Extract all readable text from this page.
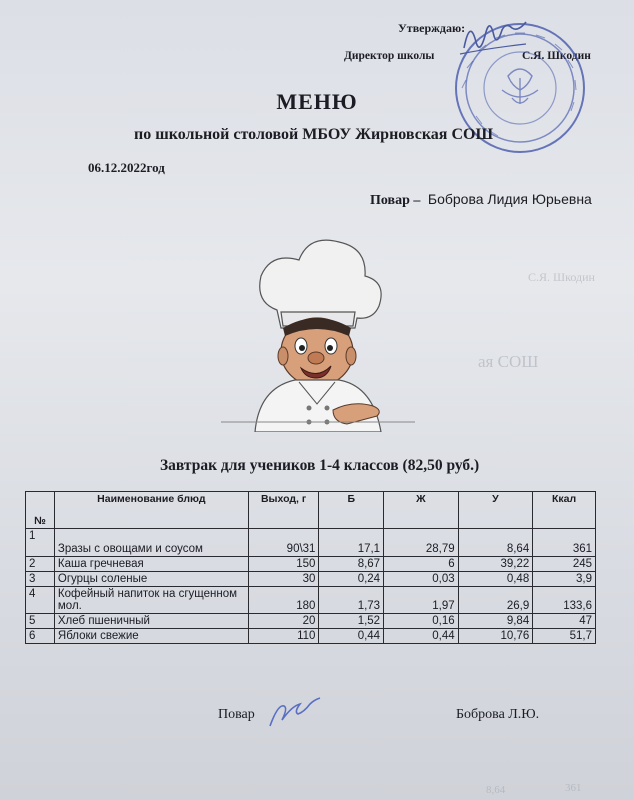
С.Я. Шкодин
ая СОШ
8,64	361
Утверждаю:
Директор школы	С.Я. Шкодин
МЕНЮ
по школьной столовой МБОУ Жирновская СОШ
06.12.2022год
Повар – Боброва Лидия Юрьевна
Завтрак для учеников 1-4 классов (82,50 руб.)
№	Наименование блюд	Выход, г	Б	Ж	У	Ккал
1	Зразы с овощами и соусом	90\31	17,1	28,79	8,64	361
2	Каша гречневая	150	8,67	6	39,22	245
3	Огурцы соленые	30	0,24	0,03	0,48	3,9
4	Кофейный напиток на сгущенном мол.	180	1,73	1,97	26,9	133,6
5	Хлеб пшеничный	20	1,52	0,16	9,84	47
6	Яблоки свежие	110	0,44	0,44	10,76	51,7
Повар	Боброва Л.Ю.
